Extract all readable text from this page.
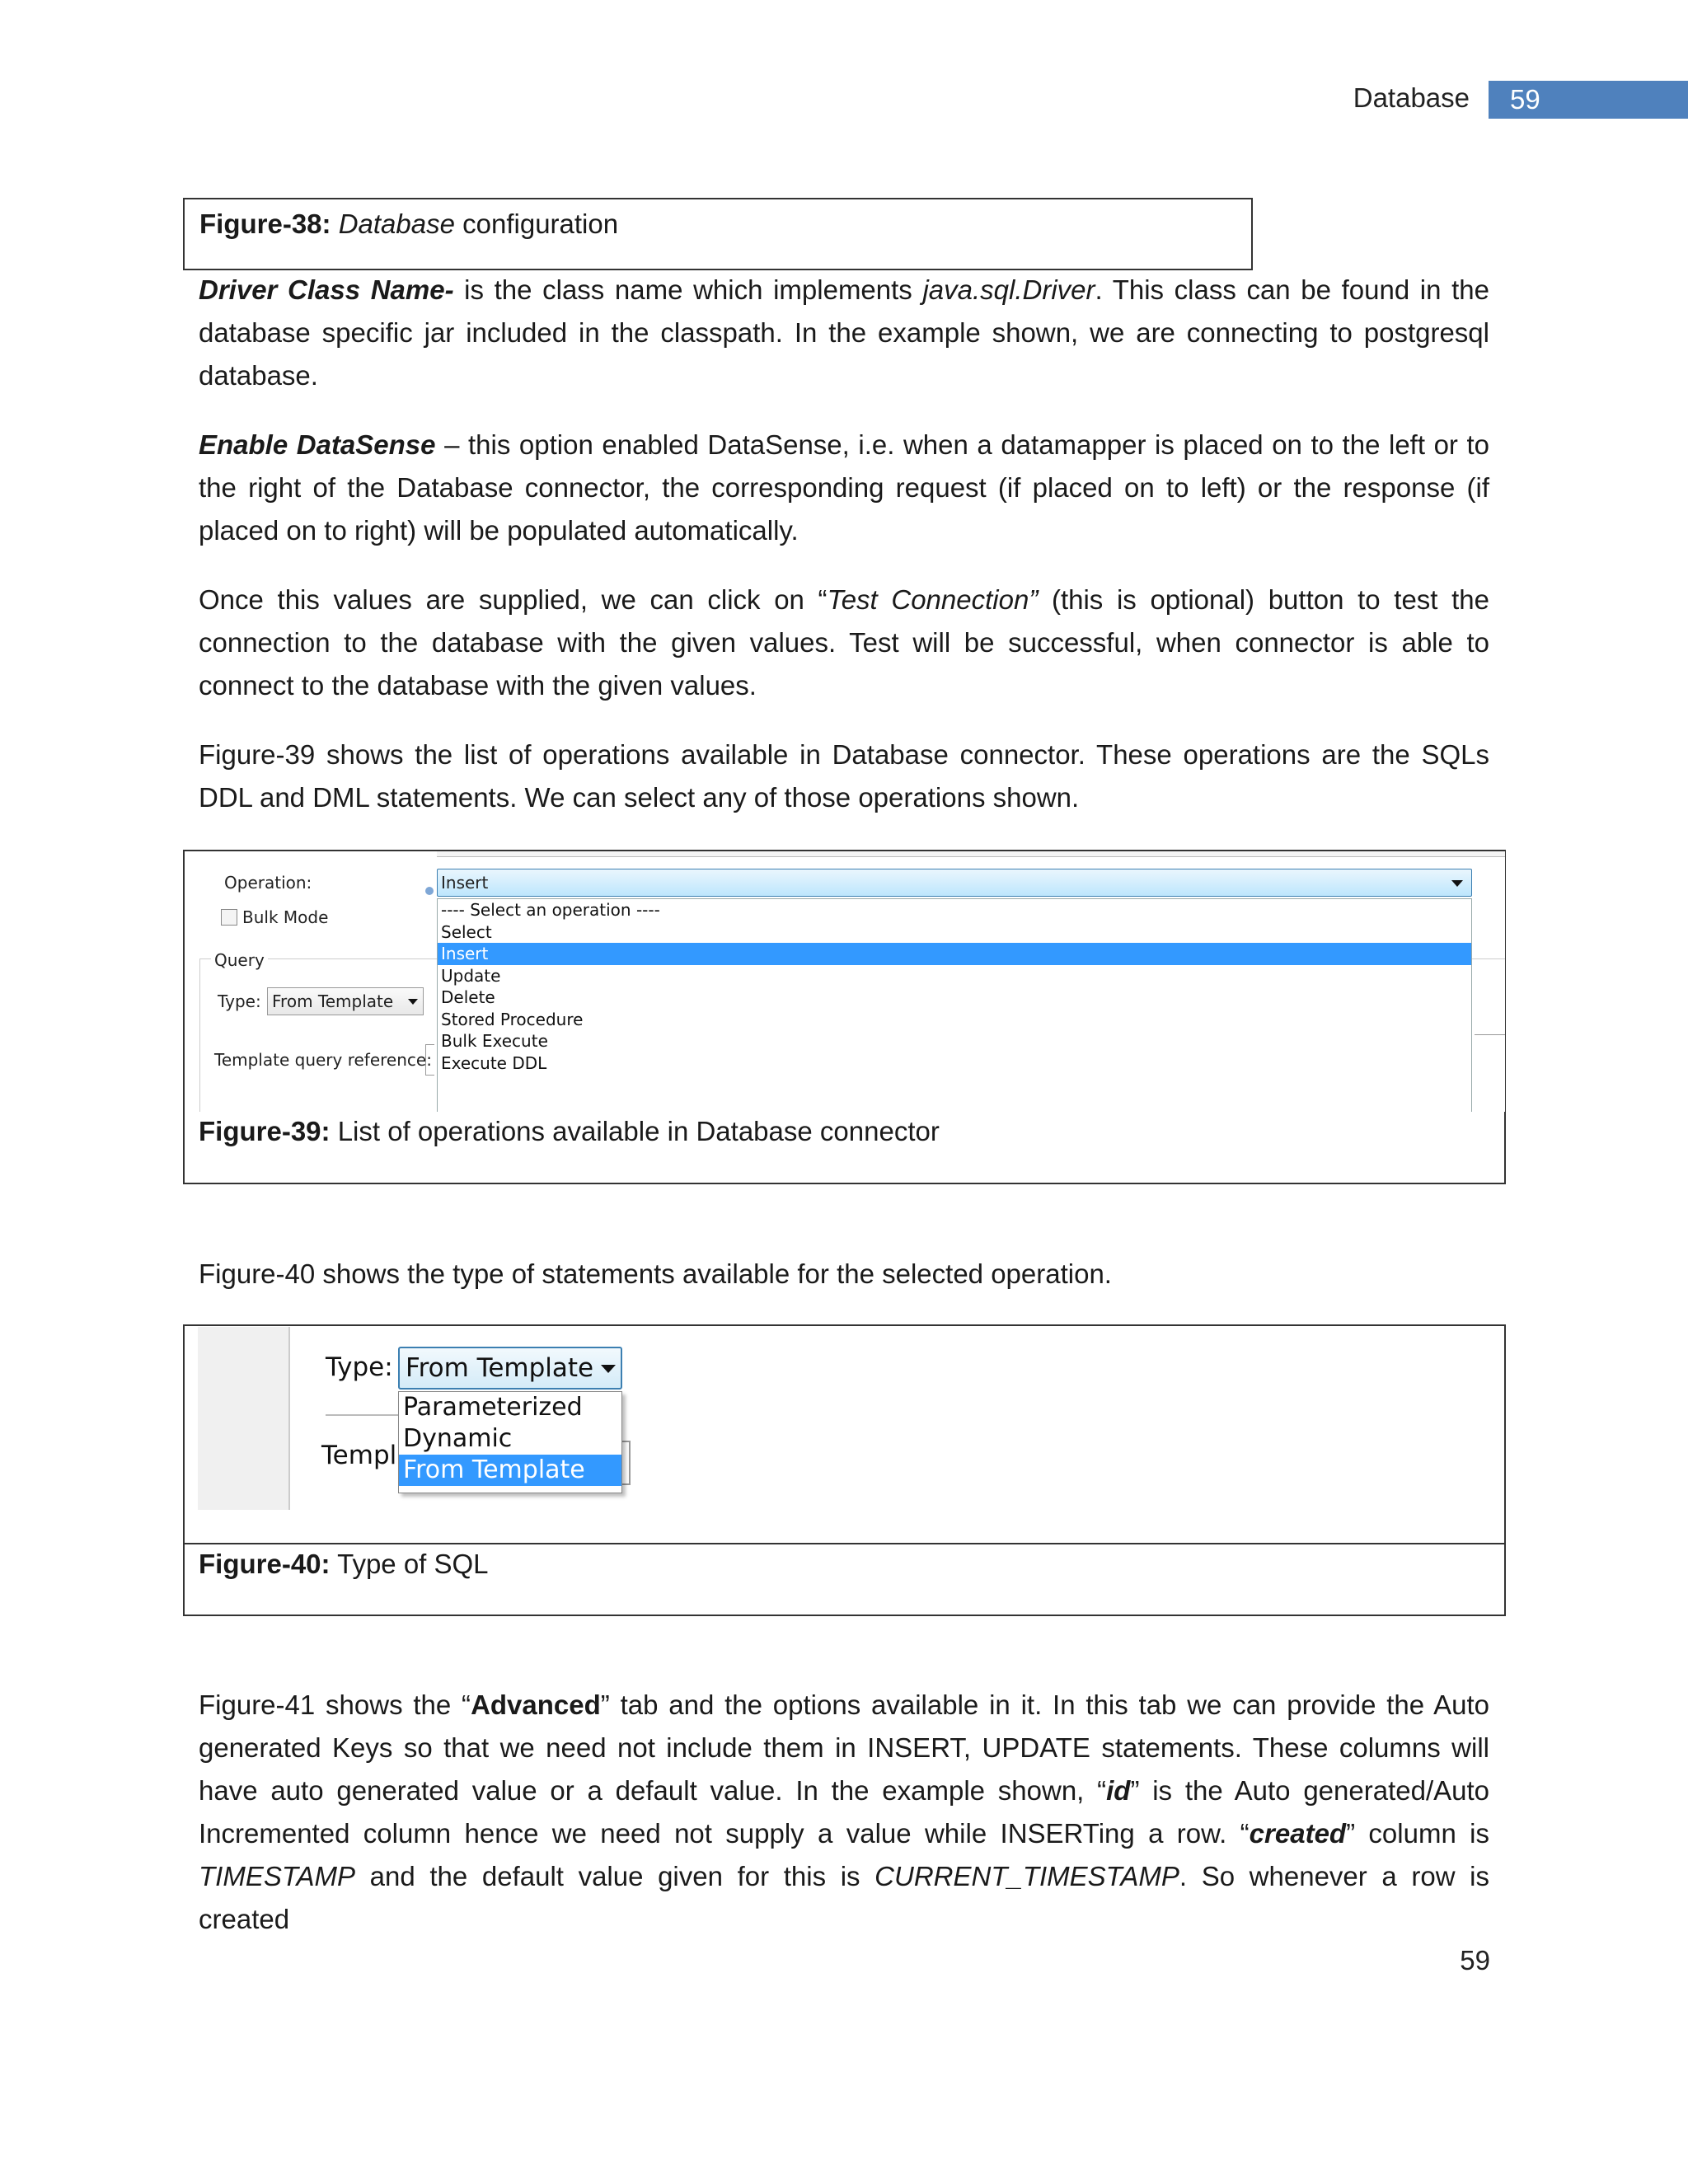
Database	59
Figure-38: Database configuration
Driver Class Name- is the class name which implements java.sql.Driver. This class can be found in the database specific jar included in the classpath. In the example shown, we are connecting to postgresql database.
Enable DataSense – this option enabled DataSense, i.e. when a datamapper is placed on to the left or to the right of the Database connector, the corresponding request (if placed on to left) or the response (if placed on to right) will be populated automatically.
Once this values are supplied, we can click on “Test Connection” (this is optional) button to test the connection to the database with the given values. Test will be successful, when connector is able to connect to the database with the given values.
Figure-39 shows the list of operations available in Database connector. These operations are the SQLs DDL and DML statements. We can select any of those operations shown.
Operation:
Bulk Mode
Query
Type: From Template
Template query reference:
Insert
---- Select an operation ----
Select
Insert
Update
Delete
Stored Procedure
Bulk Execute
Execute DDL
Figure-39: List of operations available in Database connector
Figure-40 shows the type of statements available for the selected operation.
Type:
Templ
From Template
Parameterized
Dynamic
From Template
Figure-40: Type of SQL
Figure-41 shows the “Advanced” tab and the options available in it. In this tab we can provide the Auto generated Keys so that we need not include them in INSERT, UPDATE statements. These columns will have auto generated value or a default value. In the example shown, “id” is the Auto generated/Auto Incremented column hence we need not supply a value while INSERTing a row. “created” column is TIMESTAMP and the default value given for this is CURRENT_TIMESTAMP. So whenever a row is created
59
